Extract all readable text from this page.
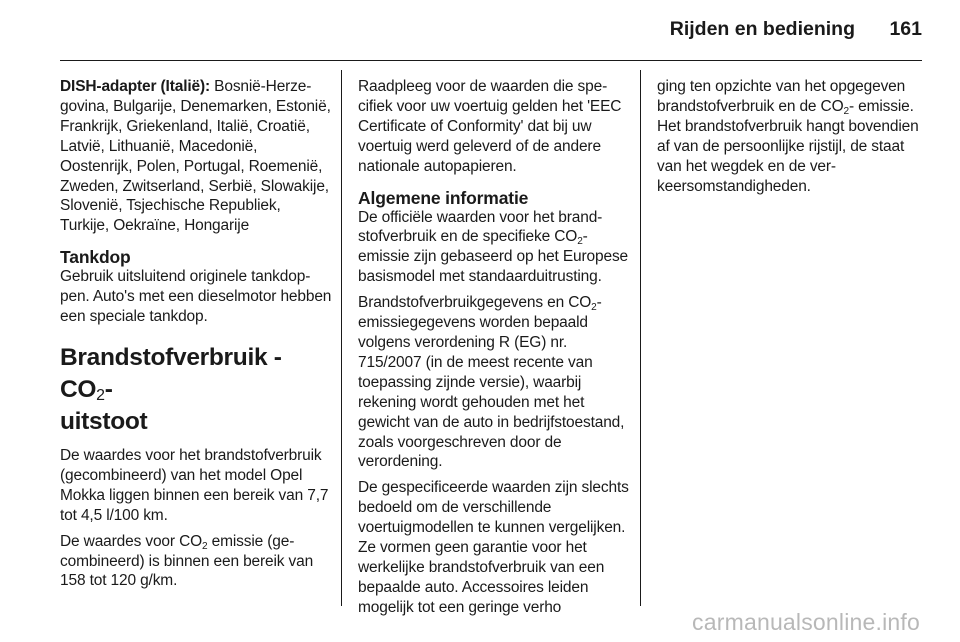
Rijden en bediening	161

DISH-adapter (Italië): Bosnië-Herzegovina, Bulgarije, Denemarken, Estonië, Frankrijk, Griekenland, Italië, Croatië, Latvië, Lithuanië, Macedonië, Oostenrijk, Polen, Portugal, Roemenië, Zweden, Zwitserland, Serbië, Slowakije, Slovenië, Tsjechische Republiek, Turkije, Oekraïne, Hongarije

Tankdop

Gebruik uitsluitend originele tankdoppen. Auto's met een dieselmotor hebben een speciale tankdop.

Brandstofverbruik - $CO_2-$
uitstoot

De waardes voor het brandstofverbruik (gecombineerd) van het model Opel Mokka liggen binnen een bereik van 7,7 tot 4,5 l/100 km.

De waardes voor $CO_2$ emissie (gecombineerd) is binnen een bereik van 158 tot 120 g/km.

Raadpleeg voor de waarden die specifiek voor uw voertuig gelden het 'EEC Certificate of Conformity' dat bij uw voertuig werd geleverd of de andere nationale autopapieren.

Algemene informatie

De officiële waarden voor het brandstofverbruik en de specifieke $CO_2$-emissie zijn gebaseerd op het Europese basismodel met standaarduitrusting.

Brandstofverbruikgegevens en $CO_2$-emissiegegevens worden bepaald volgens verordening R (EG) nr. 715/2007 (in de meest recente van toepassing zijnde versie), waarbij rekening wordt gehouden met het gewicht van de auto in bedrijfstoestand, zoals voorgeschreven door de verordening.

De gespecificeerde waarden zijn slechts bedoeld om de verschillende voertuigmodellen te kunnen vergelijken. Ze vormen geen garantie voor het werkelijke brandstofverbruik van een bepaalde auto. Accessoires leiden mogelijk tot een geringe verho

ging ten opzichte van het opgegeven brandstofverbruik en de $CO_2-$ emissie. Het brandstofverbruik hangt bovendien af van de persoonlijke rijstijl, de staat van het wegdek en de verkeersomstandigheden.

carmanualsonline.info
